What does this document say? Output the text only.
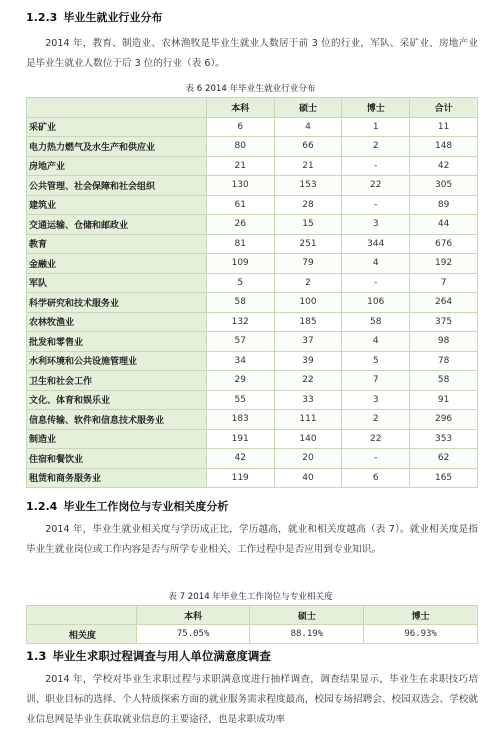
1.2.3 毕业生就业行业分布
2014 年，教育、制造业、农林渔牧是毕业生就业人数居于前 3 位的行业，军队、采矿业、房地产业是毕业生就业人数位于后 3 位的行业（表 6）。
表 6 2014 年毕业生就业行业分布
	本科	硕士	博士	合计
采矿业	6	4	1	11
电力热力燃气及水生产和供应业	80	66	2	148
房地产业	21	21	-	42
公共管理、社会保障和社会组织	130	153	22	305
建筑业	61	28	-	89
交通运输、仓储和邮政业	26	15	3	44
教育	81	251	344	676
金融业	109	79	4	192
军队	5	2	-	7
科学研究和技术服务业	58	100	106	264
农林牧渔业	132	185	58	375
批发和零售业	57	37	4	98
水利环境和公共设施管理业	34	39	5	78
卫生和社会工作	29	22	7	58
文化、体育和娱乐业	55	33	3	91
信息传输、软件和信息技术服务业	183	111	2	296
制造业	191	140	22	353
住宿和餐饮业	42	20	-	62
租赁和商务服务业	119	40	6	165
1.2.4 毕业生工作岗位与专业相关度分析
2014 年，毕业生就业相关度与学历成正比，学历越高，就业和相关度越高（表 7）。就业相关度是指毕业生就业岗位或工作内容是否与所学专业相关，工作过程中是否应用到专业知识。
表 7 2014 年毕业生工作岗位与专业相关度
	本科	硕士	博士
相关度	75.05%	88.19%	96.93%
1.3 毕业生求职过程调查与用人单位满意度调查
2014 年，学校对毕业生求职过程与求职满意度进行抽样调查，调查结果显示，毕业生在求职技巧培训、职业目标的选择、个人特质探索方面的就业服务需求程度最高，校园专场招聘会、校园双选会、学校就业信息网是毕业生获取就业信息的主要途径，也是求职成功率
